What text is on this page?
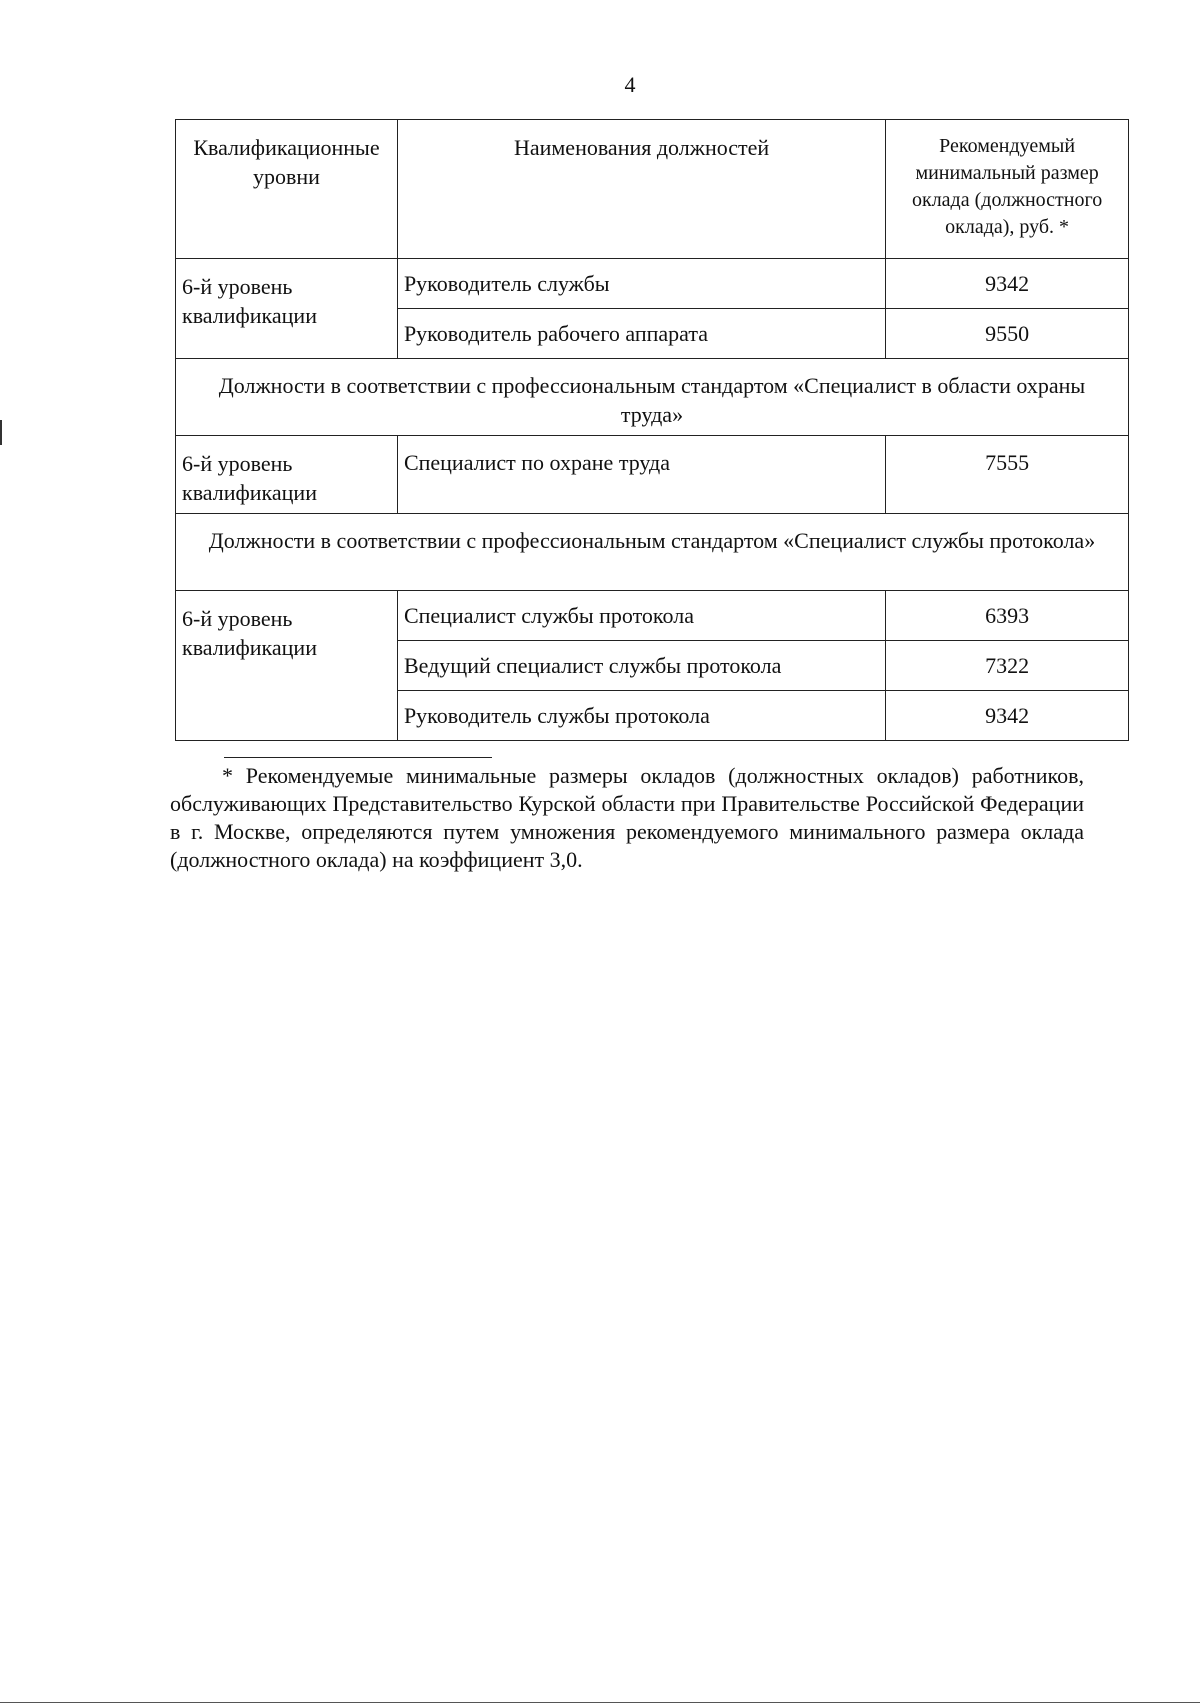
4
Квалификационные уровни	Наименования должностей	Рекомендуемый минимальный размер оклада (должностного оклада), руб. *
6-й уровень квалификации	Руководитель службы	9342
	Руководитель рабочего аппарата	9550
Должности в соответствии с профессиональным стандартом «Специалист в области охраны труда»		
6-й уровень квалификации	Специалист по охране труда	7555
Должности в соответствии с профессиональным стандартом «Специалист службы протокола»		
6-й уровень квалификации	Специалист службы протокола	6393
	Ведущий специалист службы протокола	7322
	Руководитель службы протокола	9342
* Рекомендуемые минимальные размеры окладов (должностных окладов) работников, обслуживающих Представительство Курской области при Правительстве Российской Федерации в г. Москве, определяются путем умножения рекомендуемого минимального размера оклада (должностного оклада) на коэффициент 3,0.
